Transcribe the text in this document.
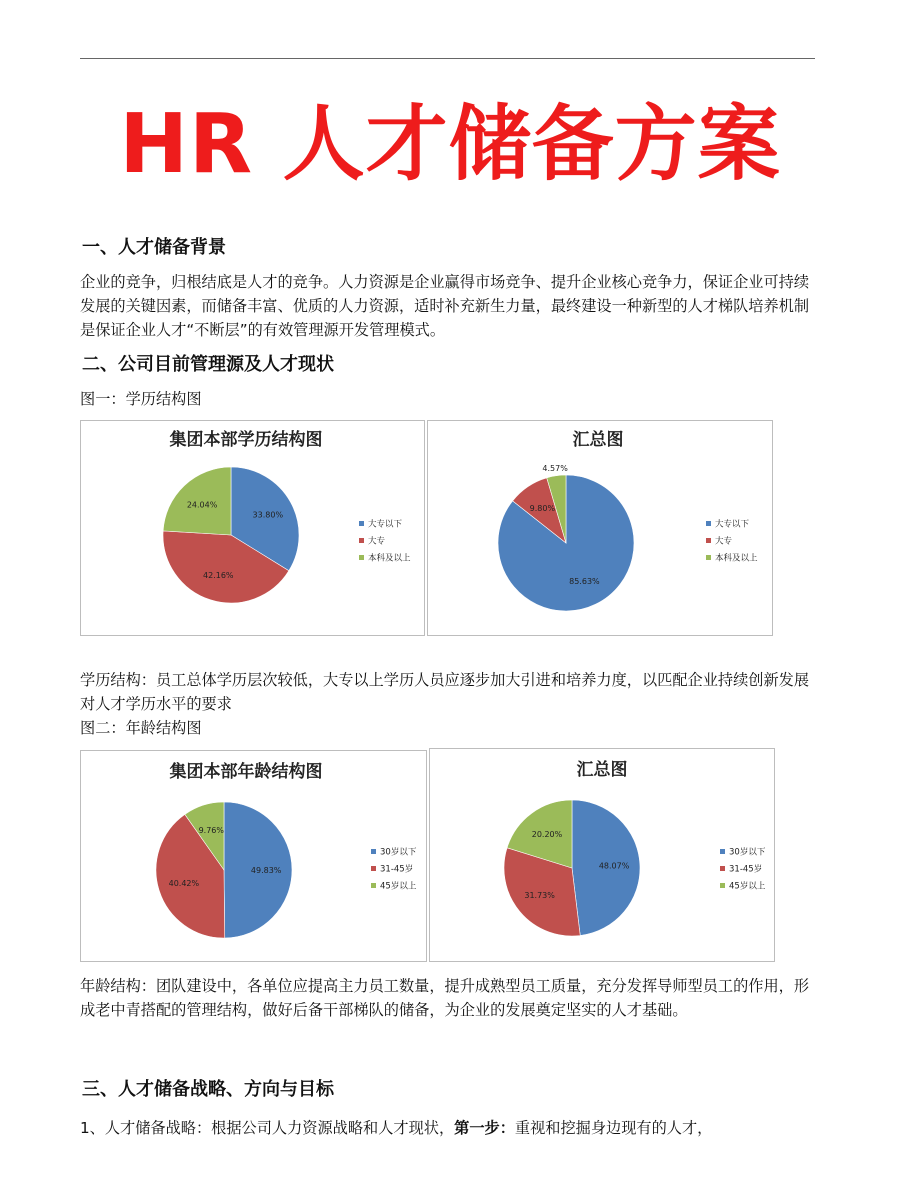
HR 人才储备方案
一、人才储备背景
企业的竞争，归根结底是人才的竞争。人力资源是企业赢得市场竞争、提升企业核心竞争力，保证企业可持续发展的关键因素，而储备丰富、优质的人力资源，适时补充新生力量，最终建设一种新型的人才梯队培养机制是保证企业人才“不断层”的有效管理源开发管理模式。
二、公司目前管理源及人才现状
图一：学历结构图
集团本部学历结构图
33.80%
42.16%
24.04%
大专以下
大专
本科及以上
汇总图
85.63%
9.80%
4.57%
大专以下
大专
本科及以上
学历结构：员工总体学历层次较低，大专以上学历人员应逐步加大引进和培养力度，以匹配企业持续创新发展对人才学历水平的要求
图二：年龄结构图
集团本部年龄结构图
49.83%
40.42%
9.76%
30岁以下
31-45岁
45岁以上
汇总图
48.07%
31.73%
20.20%
30岁以下
31-45岁
45岁以上
年龄结构：团队建设中，各单位应提高主力员工数量，提升成熟型员工质量，充分发挥导师型员工的作用，形成老中青搭配的管理结构，做好后备干部梯队的储备，为企业的发展奠定坚实的人才基础。
三、人才储备战略、方向与目标
1、人才储备战略：根据公司人力资源战略和人才现状，第一步：重视和挖掘身边现有的人才，
